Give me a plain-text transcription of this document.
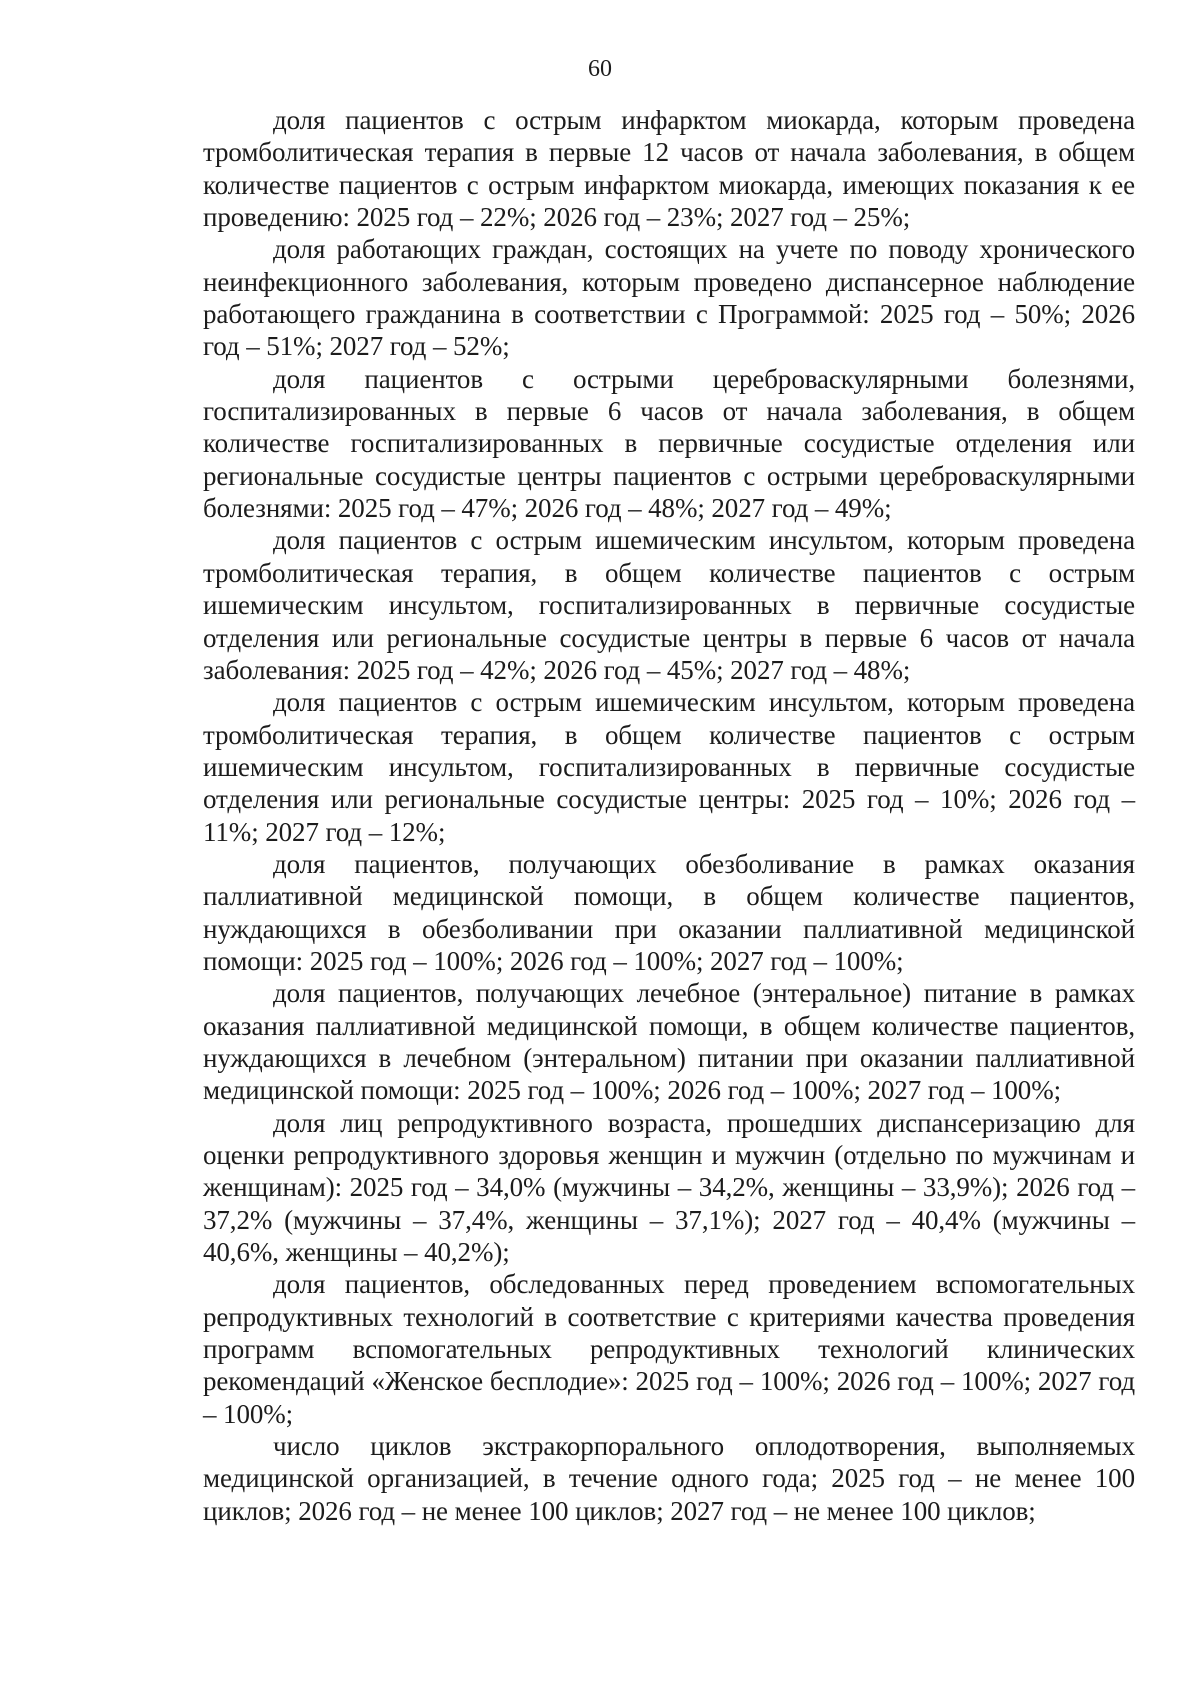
60

доля пациентов с острым инфарктом миокарда, которым проведена тромболитическая терапия в первые 12 часов от начала заболевания, в общем количестве пациентов с острым инфарктом миокарда, имеющих показания к ее проведению: 2025 год – 22%; 2026 год – 23%; 2027 год – 25%;

доля работающих граждан, состоящих на учете по поводу хронического неинфекционного заболевания, которым проведено диспансерное наблюдение работающего гражданина в соответствии с Программой: 2025 год – 50%; 2026 год – 51%; 2027 год – 52%;

доля пациентов с острыми цереброваскулярными болезнями, госпитализированных в первые 6 часов от начала заболевания, в общем количестве госпитализированных в первичные сосудистые отделения или региональные сосудистые центры пациентов с острыми цереброваскулярными болезнями: 2025 год – 47%; 2026 год – 48%; 2027 год – 49%;

доля пациентов с острым ишемическим инсультом, которым проведена тромболитическая терапия, в общем количестве пациентов с острым ишемическим инсультом, госпитализированных в первичные сосудистые отделения или региональные сосудистые центры в первые 6 часов от начала заболевания: 2025 год – 42%; 2026 год – 45%; 2027 год – 48%;

доля пациентов с острым ишемическим инсультом, которым проведена тромболитическая терапия, в общем количестве пациентов с острым ишемическим инсультом, госпитализированных в первичные сосудистые отделения или региональные сосудистые центры: 2025 год – 10%; 2026 год – 11%; 2027 год – 12%;

доля пациентов, получающих обезболивание в рамках оказания паллиативной медицинской помощи, в общем количестве пациентов, нуждающихся в обезболивании при оказании паллиативной медицинской помощи: 2025 год – 100%; 2026 год – 100%; 2027 год – 100%;

доля пациентов, получающих лечебное (энтеральное) питание в рамках оказания паллиативной медицинской помощи, в общем количестве пациентов, нуждающихся в лечебном (энтеральном) питании при оказании паллиативной медицинской помощи: 2025 год – 100%; 2026 год – 100%; 2027 год – 100%;

доля лиц репродуктивного возраста, прошедших диспансеризацию для оценки репродуктивного здоровья женщин и мужчин (отдельно по мужчинам и женщинам): 2025 год – 34,0% (мужчины – 34,2%, женщины – 33,9%); 2026 год – 37,2% (мужчины – 37,4%, женщины – 37,1%); 2027 год – 40,4% (мужчины – 40,6%, женщины – 40,2%);

доля пациентов, обследованных перед проведением вспомогательных репродуктивных технологий в соответствие с критериями качества проведения программ вспомогательных репродуктивных технологий клинических рекомендаций «Женское бесплодие»: 2025 год – 100%; 2026 год – 100%; 2027 год – 100%;

число циклов экстракорпорального оплодотворения, выполняемых медицинской организацией, в течение одного года; 2025 год – не менее 100 циклов; 2026 год – не менее 100 циклов; 2027 год – не менее 100 циклов;
